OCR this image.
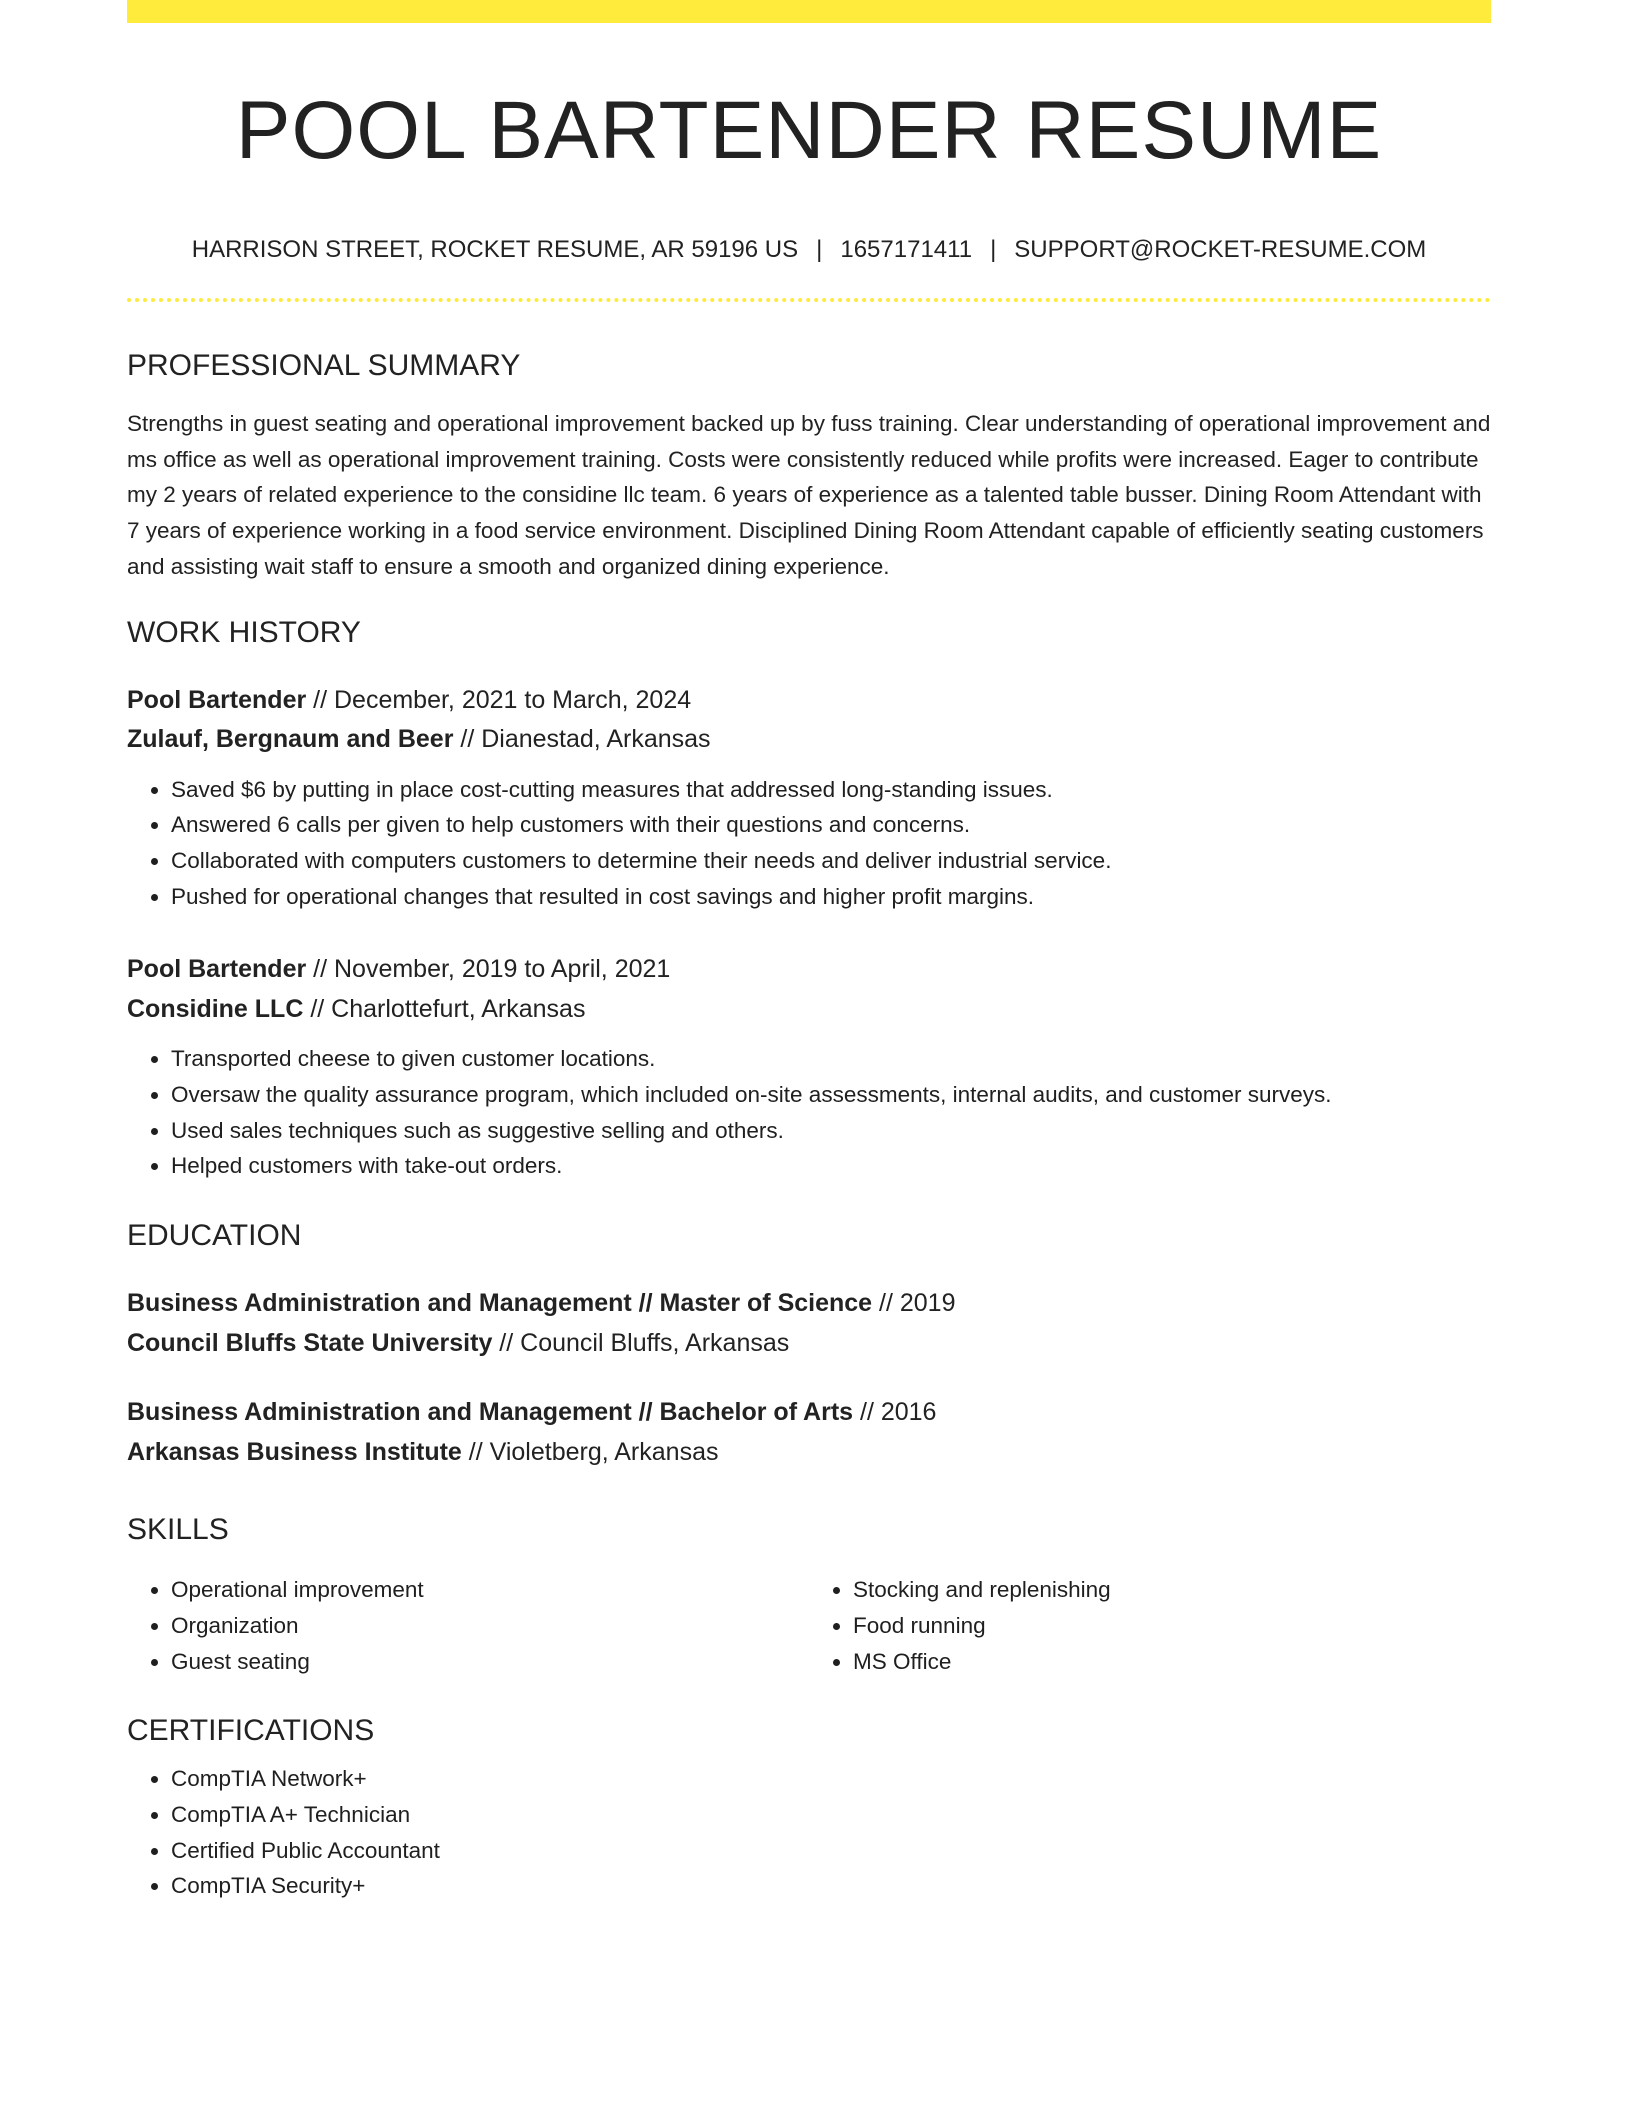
POOL BARTENDER RESUME
HARRISON STREET, ROCKET RESUME, AR 59196 US | 1657171411 | SUPPORT@ROCKET-RESUME.COM
PROFESSIONAL SUMMARY
Strengths in guest seating and operational improvement backed up by fuss training. Clear understanding of operational improvement and ms office as well as operational improvement training. Costs were consistently reduced while profits were increased. Eager to contribute my 2 years of related experience to the considine llc team. 6 years of experience as a talented table busser. Dining Room Attendant with 7 years of experience working in a food service environment. Disciplined Dining Room Attendant capable of efficiently seating customers and assisting wait staff to ensure a smooth and organized dining experience.
WORK HISTORY
Pool Bartender // December, 2021 to March, 2024
Zulauf, Bergnaum and Beer // Dianestad, Arkansas
• Saved $6 by putting in place cost-cutting measures that addressed long-standing issues.
• Answered 6 calls per given to help customers with their questions and concerns.
• Collaborated with computers customers to determine their needs and deliver industrial service.
• Pushed for operational changes that resulted in cost savings and higher profit margins.
Pool Bartender // November, 2019 to April, 2021
Considine LLC // Charlottefurt, Arkansas
• Transported cheese to given customer locations.
• Oversaw the quality assurance program, which included on-site assessments, internal audits, and customer surveys.
• Used sales techniques such as suggestive selling and others.
• Helped customers with take-out orders.
EDUCATION
Business Administration and Management // Master of Science // 2019
Council Bluffs State University // Council Bluffs, Arkansas
Business Administration and Management // Bachelor of Arts // 2016
Arkansas Business Institute // Violetberg, Arkansas
SKILLS
• Operational improvement
• Organization
• Guest seating
• Stocking and replenishing
• Food running
• MS Office
CERTIFICATIONS
• CompTIA Network+
• CompTIA A+ Technician
• Certified Public Accountant
• CompTIA Security+
